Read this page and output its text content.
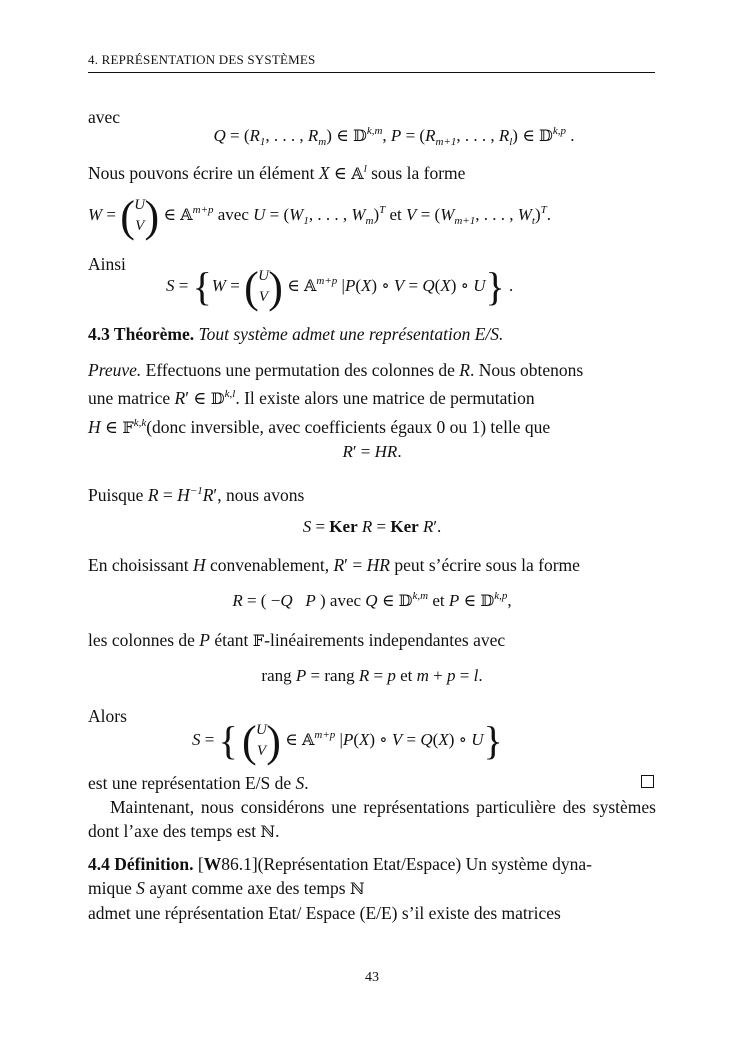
4. REPRÉSENTATION DES SYSTÈMES
avec
$Q = (R_1$, . . . , $R_m$) ∈ 𝔻$^{k,m}$, $P = (R_{m+1}$, . . . , $R_l$) ∈ 𝔻$^{k,p}$ .
Nous pouvons écrire un élément X ∈ 𝔸$^l$ sous la forme
W = ( U
V ) ∈ 𝔸$^{m+p}$ avec $U = (W_1$, . . . , $W_m)^T$ et $V = (W_{m+1}$, . . . , $W_t)^T$.
Ainsi
S = {W = ( U
V ) ∈ 𝔸$^{m+p}$ |P(X) ∘ V = Q(X) ∘ U} .
4.3 Théorème. Tout système admet une représentation E/S.
Preuve. Effectuons une permutation des colonnes de R. Nous obtenons
une matrice R′ ∈ 𝔻$^{k,l}$. Il existe alors une matrice de permutation
H ∈ 𝔽$^{k,k}$(donc inversible, avec coefficients égaux 0 ou 1) telle que
R′ = HR.
Puisque $R = H^{-1}R'$, nous avons
S = Ker R = Ker R′.
En choisissant H convenablement, R′ = HR peut s’écrire sous la forme
R = ( −Q P ) avec Q ∈ 𝔻$^{k,m}$ et P ∈ 𝔻$^{k,p}$,
les colonnes de P étant 𝔽-linéairements independantes avec
rang P = rang R = p et m + p = l.
Alors
S = { ( U
V ) ∈ 𝔸$^{m+p}$ |P(X) ∘ V = Q(X) ∘ U}
est une représentation E/S de S.
Maintenant, nous considérons une représentations particulière des systèmes dont l’axe des temps est ℕ.
4.4 Définition. [W86.1](Représentation Etat/Espace) Un système dyna-
mique S ayant comme axe des temps ℕ
admet une réprésentation Etat/ Espace (E/E) s’il existe des matrices
43
